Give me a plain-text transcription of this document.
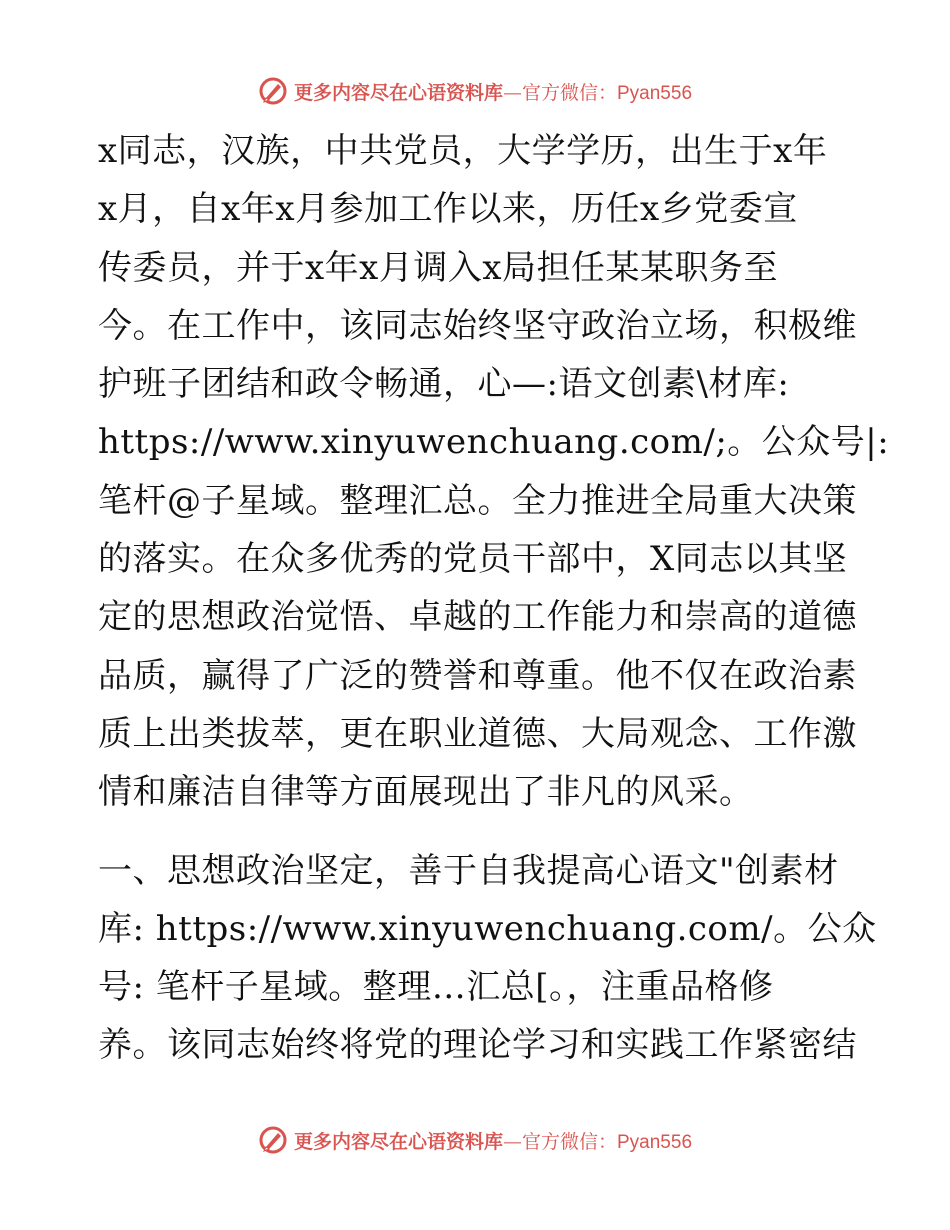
更多内容尽在心语资料库—官方微信：Pyan556
x同志，汉族，中共党员，大学学历，出生于x年
x月，自x年x月参加工作以来，历任x乡党委宣
传委员，并于x年x月调入x局担任某某职务至
今。在工作中，该同志始终坚守政治立场，积极维
护班子团结和政令畅通，心—:语文创素\材库:
https://www.xinyuwenchuang.com/;。公众号|:
笔杆@子星域。整理汇总。全力推进全局重大决策
的落实。在众多优秀的党员干部中，X同志以其坚
定的思想政治觉悟、卓越的工作能力和崇高的道德
品质，赢得了广泛的赞誉和尊重。他不仅在政治素
质上出类拔萃，更在职业道德、大局观念、工作激
情和廉洁自律等方面展现出了非凡的风采。
一、思想政治坚定，善于自我提高心语文"创素材
库: https://www.xinyuwenchuang.com/。公众
号: 笔杆子星域。整理…汇总[。，注重品格修
养。该同志始终将党的理论学习和实践工作紧密结
更多内容尽在心语资料库—官方微信：Pyan556
